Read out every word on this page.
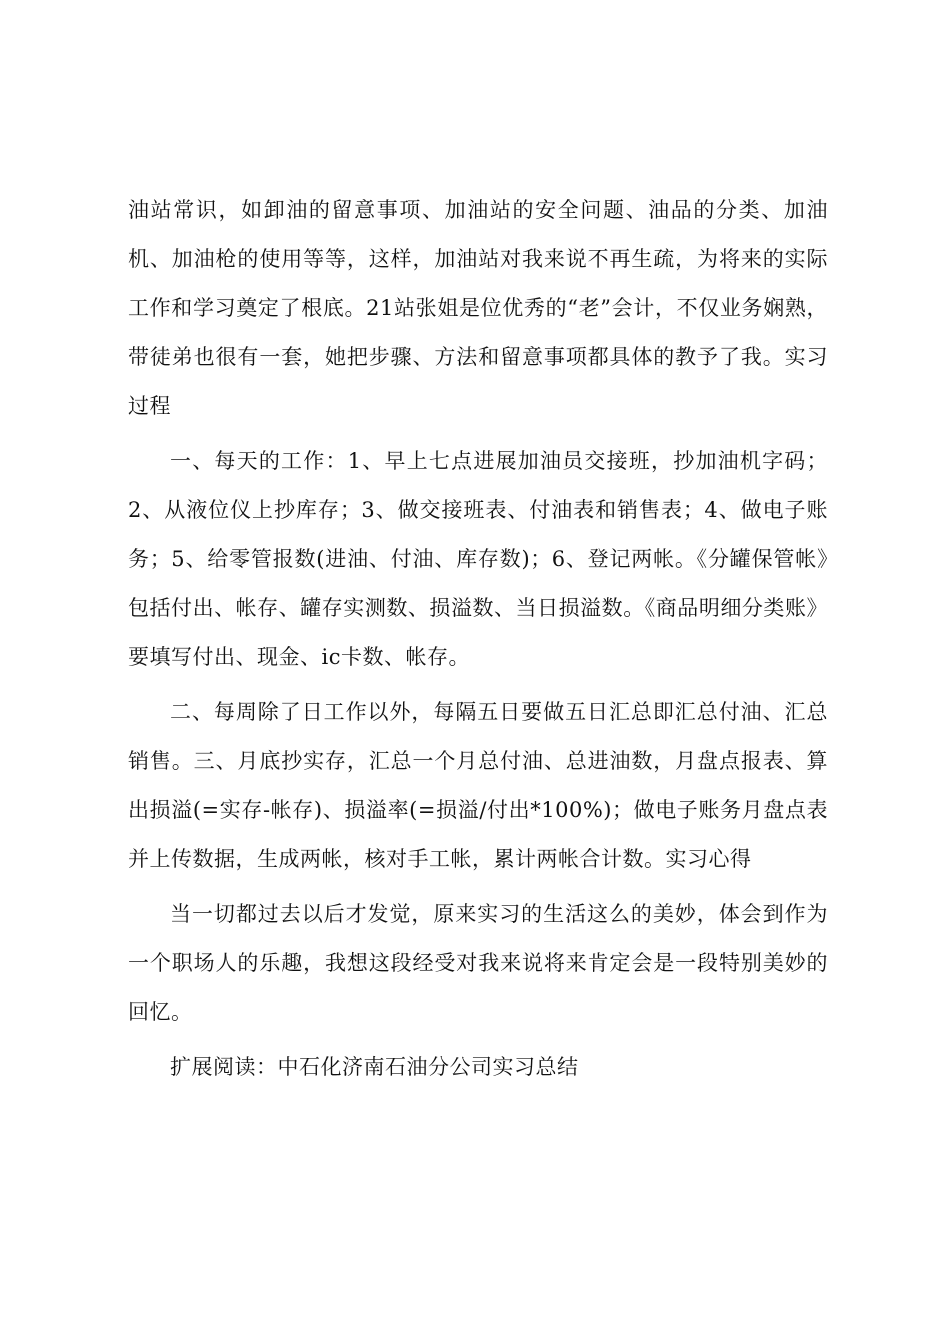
油站常识，如卸油的留意事项、加油站的安全问题、油品的分类、加油机、加油枪的使用等等，这样，加油站对我来说不再生疏，为将来的实际工作和学习奠定了根底。21站张姐是位优秀的“老”会计，不仅业务娴熟，带徒弟也很有一套，她把步骤、方法和留意事项都具体的教予了我。实习过程

一、每天的工作：1、早上七点进展加油员交接班，抄加油机字码；2、从液位仪上抄库存；3、做交接班表、付油表和销售表；4、做电子账务；5、给零管报数(进油、付油、库存数)；6、登记两帐。《分罐保管帐》包括付出、帐存、罐存实测数、损溢数、当日损溢数。《商品明细分类账》要填写付出、现金、ic卡数、帐存。

二、每周除了日工作以外，每隔五日要做五日汇总即汇总付油、汇总销售。三、月底抄实存，汇总一个月总付油、总进油数，月盘点报表、算出损溢(=实存-帐存)、损溢率(=损溢/付出*100%)；做电子账务月盘点表并上传数据，生成两帐，核对手工帐，累计两帐合计数。实习心得

当一切都过去以后才发觉，原来实习的生活这么的美妙，体会到作为一个职场人的乐趣，我想这段经受对我来说将来肯定会是一段特别美妙的回忆。

扩展阅读：中石化济南石油分公司实习总结
